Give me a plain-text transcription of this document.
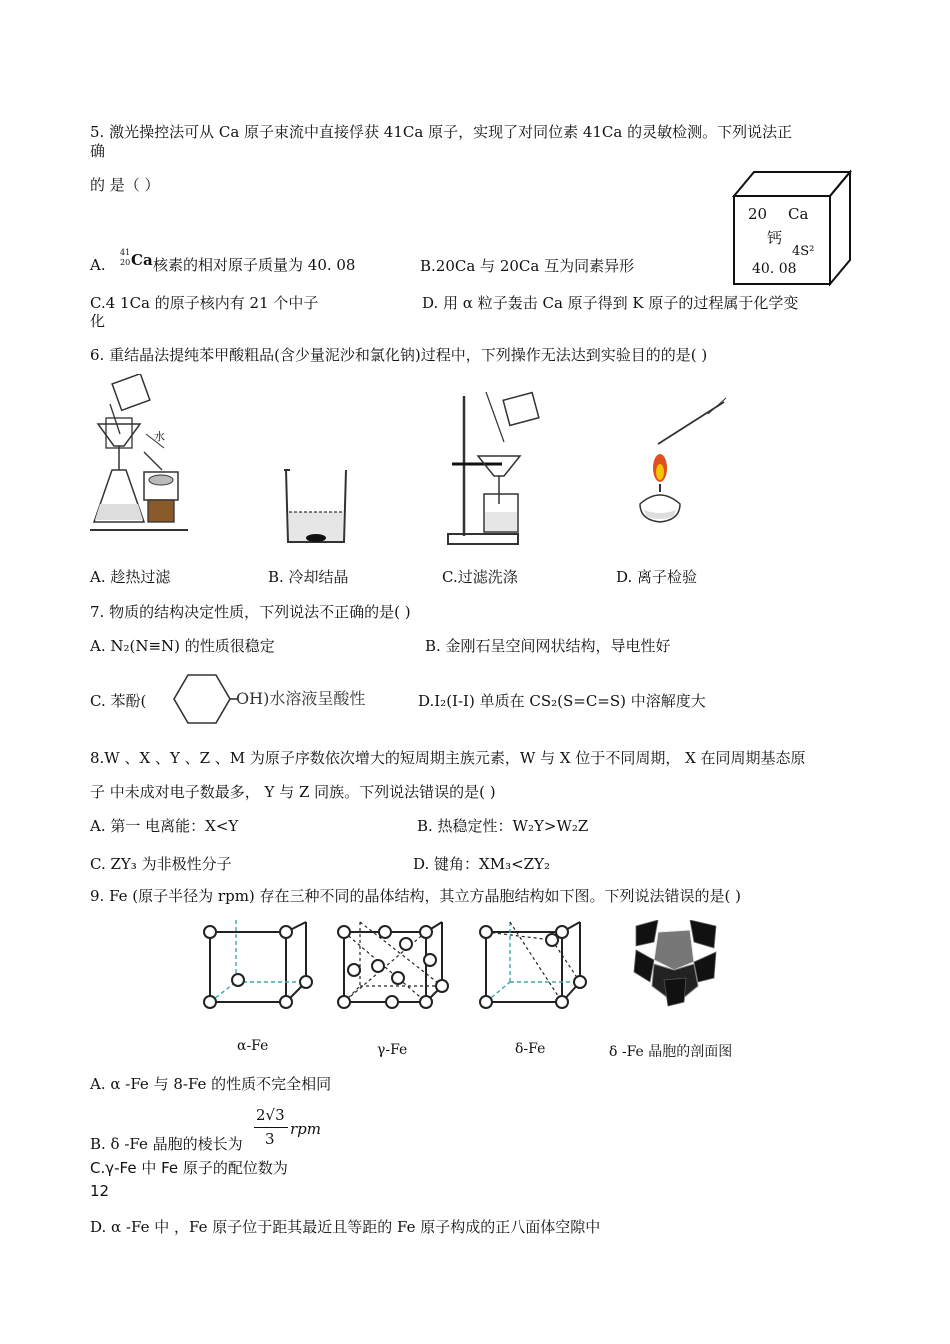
5. 激光操控法可从 Ca 原子束流中直接俘获 41Ca 原子，实现了对同位素 41Ca 的灵敏检测。下列说法正
确
的 是（ ）
20 Ca
钙
4S²
40. 08
A.
41
20 Ca 核素的相对原子质量为 40. 08	B.20Ca 与 20Ca 互为同素异形
C.4 1Ca 的原子核内有 21 个中子
化
D. 用 α 粒子轰击 Ca 原子得到 K 原子的过程属于化学变
6. 重结晶法提纯苯甲酸粗品(含少量泥沙和氯化钠)过程中，下列操作无法达到实验目的的是( )
水
A. 趁热过滤	B. 冷却结晶	C.过滤洗涤	D. 离子检验
7. 物质的结构决定性质，下列说法不正确的是( )
A. N₂(N≡N) 的性质很稳定	B. 金刚石呈空间网状结构，导电性好
C. 苯酚(	OH)水溶液呈酸性	D.I₂(I-I) 单质在 CS₂(S=C=S) 中溶解度大
8.W 、X 、Y 、Z 、M 为原子序数依次增大的短周期主族元素，W 与 X 位于不同周期， X 在同周期基态原
子 中未成对电子数最多， Y 与 Z 同族。下列说法错误的是( )
A. 第一 电离能：X<Y	B. 热稳定性：W₂Y>W₂Z
C. ZY₃ 为非极性分子	D. 键角：XM₃<ZY₂
9. Fe (原子半径为 rpm) 存在三种不同的晶体结构，其立方晶胞结构如下图。下列说法错误的是( )
α-Fe	γ-Fe	δ-Fe	δ -Fe 晶胞的剖面图
A. α -Fe 与 8-Fe 的性质不完全相同
B. δ -Fe 晶胞的棱长为
2√3
3
rpm
C.γ-Fe 中 Fe 原子的配位数为
12
D. α -Fe 中 ，Fe 原子位于距其最近且等距的 Fe 原子构成的正八面体空隙中
